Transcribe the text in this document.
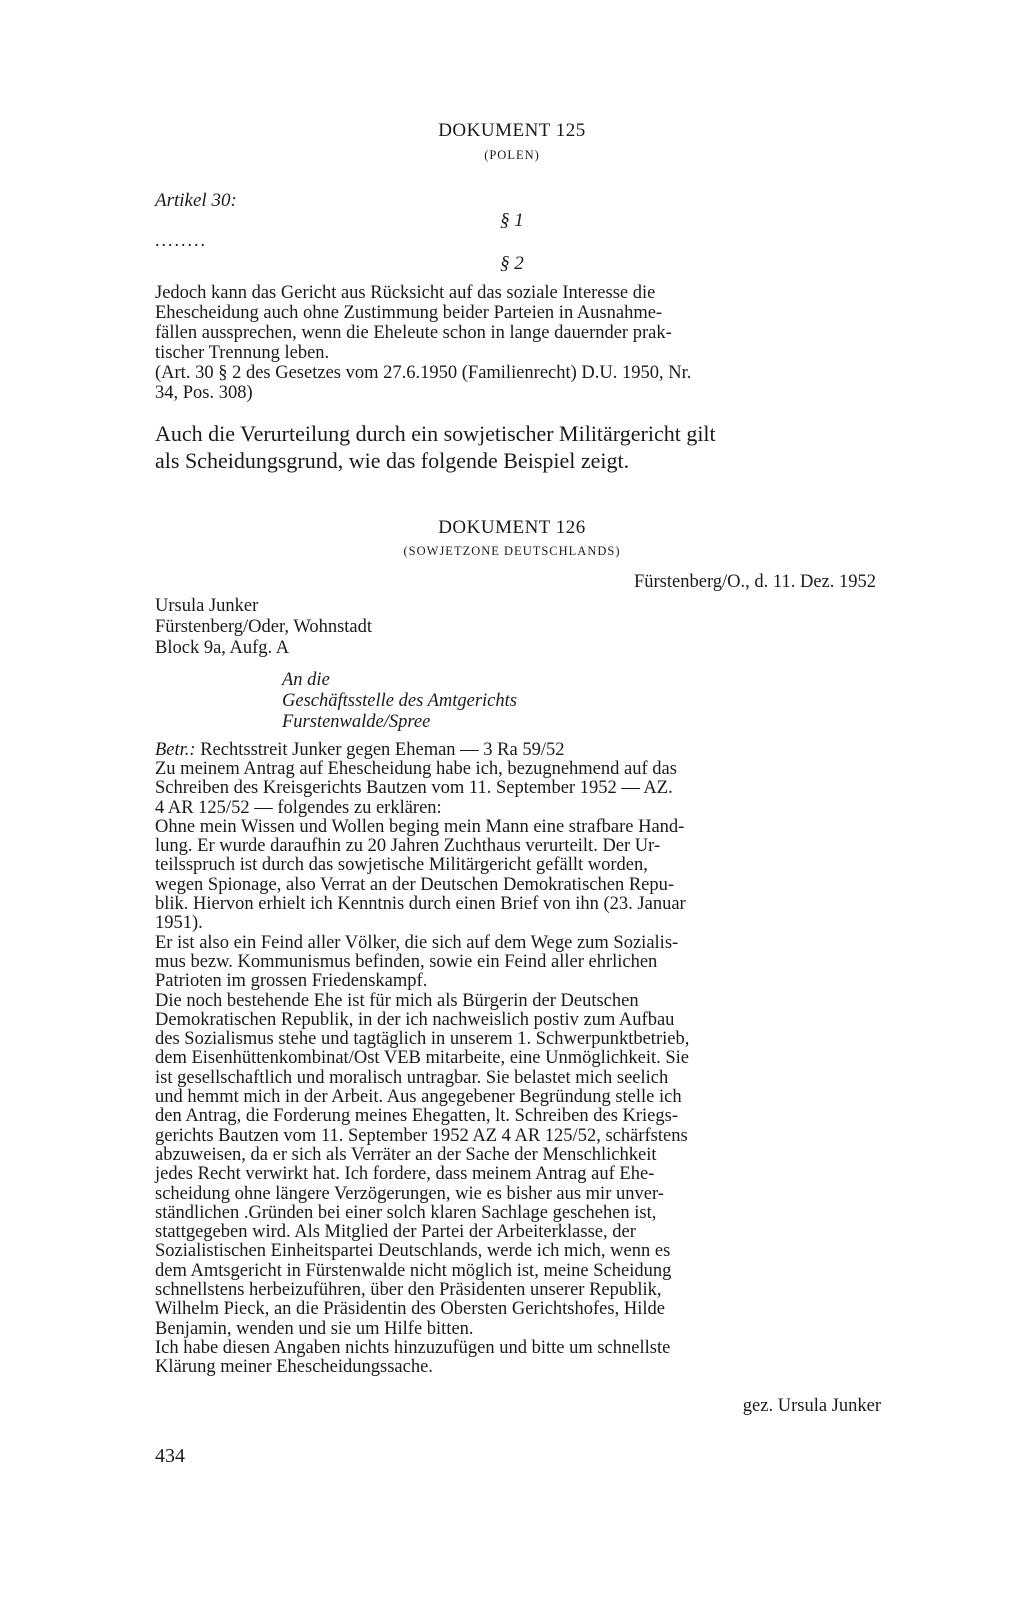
DOKUMENT 125
(POLEN)
Artikel 30:
§ 1
........
§ 2
Jedoch kann das Gericht aus Rücksicht auf das soziale Interesse die
Ehescheidung auch ohne Zustimmung beider Parteien in Ausnahme-
fällen aussprechen, wenn die Eheleute schon in lange dauernder prak-
tischer Trennung leben.
(Art. 30 § 2 des Gesetzes vom 27.6.1950 (Familienrecht) D.U. 1950, Nr.
34, Pos. 308)
Auch die Verurteilung durch ein sowjetischer Militärgericht gilt
als Scheidungsgrund, wie das folgende Beispiel zeigt.
DOKUMENT 126
(SOWJETZONE DEUTSCHLANDS)
Fürstenberg/O., d. 11. Dez. 1952
Ursula Junker
Fürstenberg/Oder, Wohnstadt
Block 9a, Aufg. A
An die
Geschäftsstelle des Amtgerichts
Furstenwalde/Spree
Betr.: Rechtsstreit Junker gegen Eheman — 3 Ra 59/52
Zu meinem Antrag auf Ehescheidung habe ich, bezugnehmend auf das
Schreiben des Kreisgerichts Bautzen vom 11. September 1952 — AZ.
4 AR 125/52 — folgendes zu erklären:
Ohne mein Wissen und Wollen beging mein Mann eine strafbare Hand-
lung. Er wurde daraufhin zu 20 Jahren Zuchthaus verurteilt. Der Ur-
teilsspruch ist durch das sowjetische Militärgericht gefällt worden,
wegen Spionage, also Verrat an der Deutschen Demokratischen Repu-
blik. Hiervon erhielt ich Kenntnis durch einen Brief von ihn (23. Januar
1951).
Er ist also ein Feind aller Völker, die sich auf dem Wege zum Sozialis-
mus bezw. Kommunismus befinden, sowie ein Feind aller ehrlichen
Patrioten im grossen Friedenskampf.
Die noch bestehende Ehe ist für mich als Bürgerin der Deutschen
Demokratischen Republik, in der ich nachweislich postiv zum Aufbau
des Sozialismus stehe und tagtäglich in unserem 1. Schwerpunktbetrieb,
dem Eisenhüttenkombinat/Ost VEB mitarbeite, eine Unmöglichkeit. Sie
ist gesellschaftlich und moralisch untragbar. Sie belastet mich seelich
und hemmt mich in der Arbeit. Aus angegebener Begründung stelle ich
den Antrag, die Forderung meines Ehegatten, lt. Schreiben des Kriegs-
gerichts Bautzen vom 11. September 1952 AZ 4 AR 125/52, schärfstens
abzuweisen, da er sich als Verräter an der Sache der Menschlichkeit
jedes Recht verwirkt hat. Ich fordere, dass meinem Antrag auf Ehe-
scheidung ohne längere Verzögerungen, wie es bisher aus mir unver-
ständlichen .Gründen bei einer solch klaren Sachlage geschehen ist,
stattgegeben wird. Als Mitglied der Partei der Arbeiterklasse, der
Sozialistischen Einheitspartei Deutschlands, werde ich mich, wenn es
dem Amtsgericht in Fürstenwalde nicht möglich ist, meine Scheidung
schnellstens herbeizuführen, über den Präsidenten unserer Republik,
Wilhelm Pieck, an die Präsidentin des Obersten Gerichtshofes, Hilde
Benjamin, wenden und sie um Hilfe bitten.
Ich habe diesen Angaben nichts hinzuzufügen und bitte um schnellste
Klärung meiner Ehescheidungssache.
gez. Ursula Junker
434
